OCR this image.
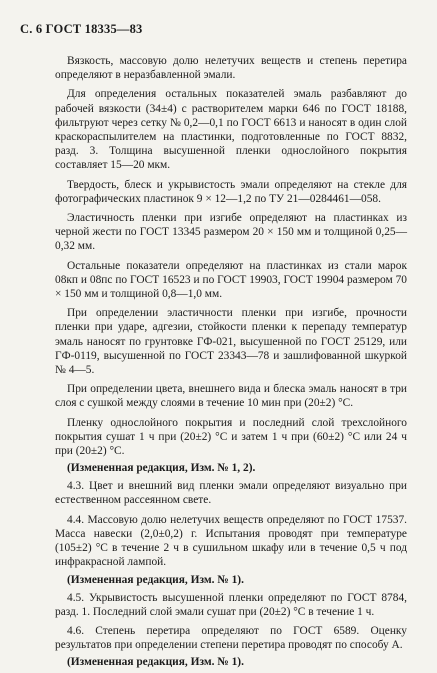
С. 6 ГОСТ 18335—83

Вязкость, массовую долю нелетучих веществ и степень перетира определяют в неразбавленной эмали.

Для определения остальных показателей эмаль разбавляют до рабочей вязкости (34±4) с растворителем марки 646 по ГОСТ 18188, фильтруют через сетку № 0,2—0,1 по ГОСТ 6613 и наносят в один слой краскораспылителем на пластинки, подготовленные по ГОСТ 8832, разд. 3. Толщина высушенной пленки однослойного покрытия составляет 15—20 мкм.

Твердость, блеск и укрывистость эмали определяют на стекле для фотографических пластинок 9 × 12—1,2 по ТУ 21—0284461—058.

Эластичность пленки при изгибе определяют на пластинках из черной жести по ГОСТ 13345 размером 20 × 150 мм и толщиной 0,25—0,32 мм.

Остальные показатели определяют на пластинках из стали марок 08кп и 08пс по ГОСТ 16523 и по ГОСТ 19903, ГОСТ 19904 размером 70 × 150 мм и толщиной 0,8—1,0 мм.

При определении эластичности пленки при изгибе, прочности пленки при ударе, адгезии, стойкости пленки к перепаду температур эмаль наносят по грунтовке ГФ-021, высушенной по ГОСТ 25129, или ГФ-0119, высушенной по ГОСТ 23343—78 и зашлифованной шкуркой № 4—5.

При определении цвета, внешнего вида и блеска эмаль наносят в три слоя с сушкой между слоями в течение 10 мин при (20±2) °С.

Пленку однослойного покрытия и последний слой трехслойного покрытия сушат 1 ч при (20±2) °С и затем 1 ч при (60±2) °С или 24 ч при (20±2) °С.

(Измененная редакция, Изм. № 1, 2).

4.3. Цвет и внешний вид пленки эмали определяют визуально при естественном рассеянном свете.

4.4. Массовую долю нелетучих веществ определяют по ГОСТ 17537. Масса навески (2,0±0,2) г. Испытания проводят при температуре (105±2) °С в течение 2 ч в сушильном шкафу или в течение 0,5 ч под инфракрасной лампой.

(Измененная редакция, Изм. № 1).

4.5. Укрывистость высушенной пленки определяют по ГОСТ 8784, разд. 1. Последний слой эмали сушат при (20±2) °С в течение 1 ч.

4.6. Степень перетира определяют по ГОСТ 6589. Оценку результатов при определении степени перетира проводят по способу А.

(Измененная редакция, Изм. № 1).
